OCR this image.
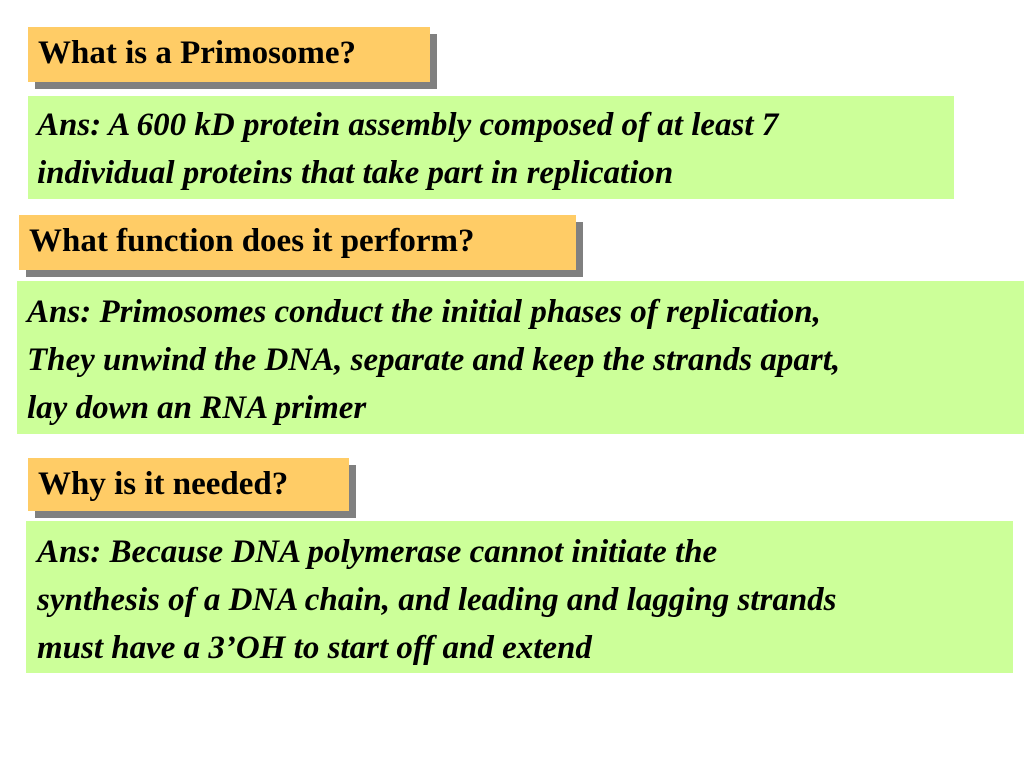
What is a Primosome?
Ans: A 600 kD protein assembly composed of at least 7
individual proteins that take part in replication
What function does it perform?
Ans: Primosomes conduct the initial phases of replication,
They unwind the DNA, separate and keep the strands apart,
lay down an RNA primer
Why is it needed?
Ans: Because DNA polymerase cannot initiate the
synthesis of a DNA chain, and leading and lagging strands
must have a 3’OH to start off and extend
